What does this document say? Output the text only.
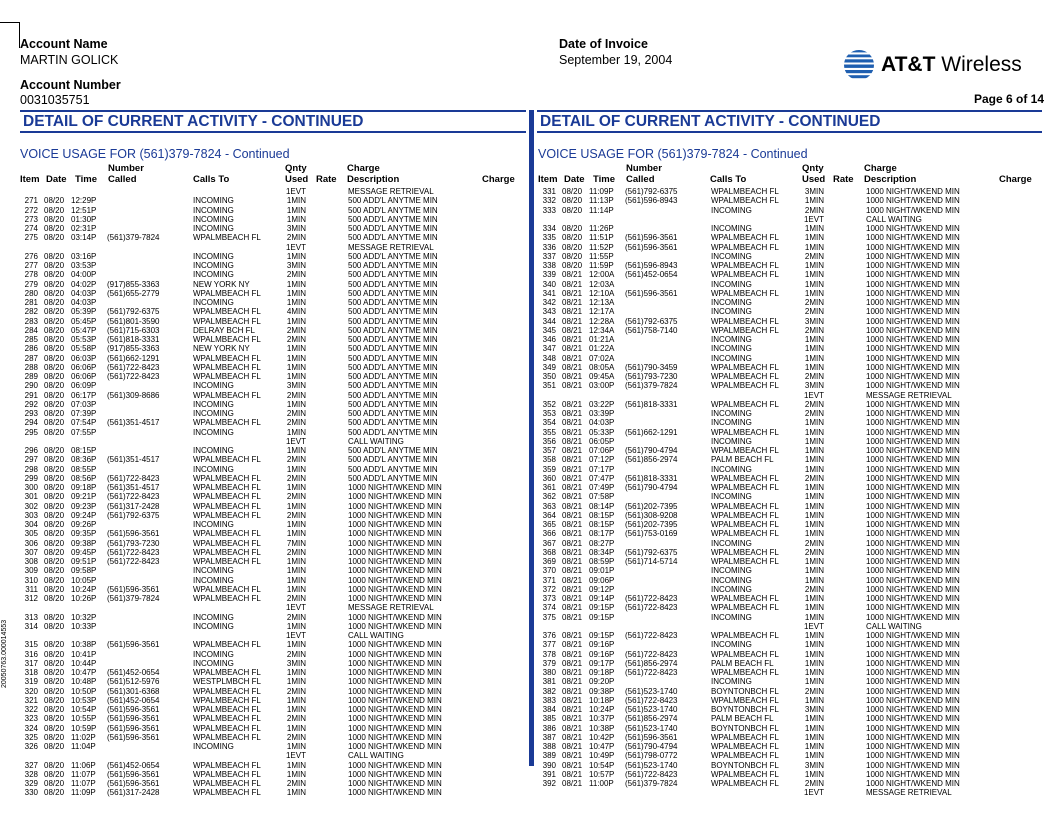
Account Name
MARTIN GOLICK
Account Number
0031035751
Date of Invoice
September 19, 2004	AT&T Wireless
Page 6 of 14
DETAIL OF CURRENT ACTIVITY - CONTINUED	DETAIL OF CURRENT ACTIVITY - CONTINUED
VOICE USAGE FOR (561)379-7824 - Continued	VOICE USAGE FOR (561)379-7824 - Continued
Number	Qnty	Charge
Item Date Time Called	Calls To	Used Rate Description	Charge
1EVT	MESSAGE RETRIEVAL
271 08/20 12:29P	INCOMING	1MIN	500 ADD'L ANYTME MIN
272 08/20 12:51P	INCOMING	1MIN	500 ADD'L ANYTME MIN
273 08/20 01:30P	INCOMING	1MIN	500 ADD'L ANYTME MIN
274 08/20 02:31P	INCOMING	3MIN	500 ADD'L ANYTME MIN
275 08/20 03:14P (561)379-7824	WPALMBEACH FL	2MIN	500 ADD'L ANYTME MIN
1EVT	MESSAGE RETRIEVAL
276 08/20 03:16P	INCOMING	1MIN	500 ADD'L ANYTME MIN
277 08/20 03:53P	INCOMING	3MIN	500 ADD'L ANYTME MIN
278 08/20 04:00P	INCOMING	2MIN	500 ADD'L ANYTME MIN
279 08/20 04:02P (917)855-3363	NEW YORK NY	1MIN	500 ADD'L ANYTME MIN
280 08/20 04:03P (561)655-2779	WPALMBEACH FL	1MIN	500 ADD'L ANYTME MIN
281 08/20 04:03P	INCOMING	1MIN	500 ADD'L ANYTME MIN
282 08/20 05:39P (561)792-6375	WPALMBEACH FL	4MIN	500 ADD'L ANYTME MIN
283 08/20 05:45P (561)801-3590	WPALMBEACH FL	1MIN	500 ADD'L ANYTME MIN
284 08/20 05:47P (561)715-6303	DELRAY BCH FL	2MIN	500 ADD'L ANYTME MIN
285 08/20 05:53P (561)818-3331	WPALMBEACH FL	2MIN	500 ADD'L ANYTME MIN
286 08/20 05:58P (917)855-3363	NEW YORK NY	1MIN	500 ADD'L ANYTME MIN
287 08/20 06:03P (561)662-1291	WPALMBEACH FL	1MIN	500 ADD'L ANYTME MIN
288 08/20 06:06P (561)722-8423	WPALMBEACH FL	1MIN	500 ADD'L ANYTME MIN
289 08/20 06:06P (561)722-8423	WPALMBEACH FL	1MIN	500 ADD'L ANYTME MIN
290 08/20 06:09P	INCOMING	3MIN	500 ADD'L ANYTME MIN
291 08/20 06:17P (561)309-8686	WPALMBEACH FL	2MIN	500 ADD'L ANYTME MIN
292 08/20 07:03P	INCOMING	1MIN	500 ADD'L ANYTME MIN
293 08/20 07:39P	INCOMING	2MIN	500 ADD'L ANYTME MIN
294 08/20 07:54P (561)351-4517	WPALMBEACH FL	2MIN	500 ADD'L ANYTME MIN
295 08/20 07:55P	INCOMING	1MIN	500 ADD'L ANYTME MIN
1EVT	CALL WAITING
296 08/20 08:15P	INCOMING	1MIN	500 ADD'L ANYTME MIN
297 08/20 08:36P (561)351-4517	WPALMBEACH FL	2MIN	500 ADD'L ANYTME MIN
298 08/20 08:55P	INCOMING	1MIN	500 ADD'L ANYTME MIN
299 08/20 08:56P (561)722-8423	WPALMBEACH FL	2MIN	500 ADD'L ANYTME MIN
300 08/20 09:18P (561)351-4517	WPALMBEACH FL	1MIN	1000 NIGHT/WKEND MIN
301 08/20 09:21P (561)722-8423	WPALMBEACH FL	2MIN	1000 NIGHT/WKEND MIN
302 08/20 09:23P (561)317-2428	WPALMBEACH FL	1MIN	1000 NIGHT/WKEND MIN
303 08/20 09:24P (561)792-6375	WPALMBEACH FL	2MIN	1000 NIGHT/WKEND MIN
304 08/20 09:26P	INCOMING	1MIN	1000 NIGHT/WKEND MIN
305 08/20 09:35P (561)596-3561	WPALMBEACH FL	1MIN	1000 NIGHT/WKEND MIN
306 08/20 09:38P (561)793-7230	WPALMBEACH FL	7MIN	1000 NIGHT/WKEND MIN
307 08/20 09:45P (561)722-8423	WPALMBEACH FL	2MIN	1000 NIGHT/WKEND MIN
308 08/20 09:51P (561)722-8423	WPALMBEACH FL	1MIN	1000 NIGHT/WKEND MIN
309 08/20 09:58P	INCOMING	1MIN	1000 NIGHT/WKEND MIN
310 08/20 10:05P	INCOMING	1MIN	1000 NIGHT/WKEND MIN
311 08/20 10:24P (561)596-3561	WPALMBEACH FL	1MIN	1000 NIGHT/WKEND MIN
312 08/20 10:26P (561)379-7824	WPALMBEACH FL	2MIN	1000 NIGHT/WKEND MIN
1EVT	MESSAGE RETRIEVAL
313 08/20 10:32P	INCOMING	2MIN	1000 NIGHT/WKEND MIN
314 08/20 10:33P	INCOMING	1MIN	1000 NIGHT/WKEND MIN
1EVT	CALL WAITING
315 08/20 10:38P (561)596-3561	WPALMBEACH FL	1MIN	1000 NIGHT/WKEND MIN
316 08/20 10:41P	INCOMING	2MIN	1000 NIGHT/WKEND MIN
317 08/20 10:44P	INCOMING	3MIN	1000 NIGHT/WKEND MIN
318 08/20 10:47P (561)452-0654	WPALMBEACH FL	1MIN	1000 NIGHT/WKEND MIN
319 08/20 10:48P (561)512-5976	WESTPLMBCH FL	1MIN	1000 NIGHT/WKEND MIN
320 08/20 10:50P (561)301-6368	WPALMBEACH FL	2MIN	1000 NIGHT/WKEND MIN
321 08/20 10:53P (561)452-0654	WPALMBEACH FL	1MIN	1000 NIGHT/WKEND MIN
322 08/20 10:54P (561)596-3561	WPALMBEACH FL	1MIN	1000 NIGHT/WKEND MIN
323 08/20 10:55P (561)596-3561	WPALMBEACH FL	2MIN	1000 NIGHT/WKEND MIN
324 08/20 10:59P (561)596-3561	WPALMBEACH FL	1MIN	1000 NIGHT/WKEND MIN
325 08/20 11:02P (561)596-3561	WPALMBEACH FL	2MIN	1000 NIGHT/WKEND MIN
326 08/20 11:04P	INCOMING	1MIN	1000 NIGHT/WKEND MIN
1EVT	CALL WAITING
327 08/20 11:06P (561)452-0654	WPALMBEACH FL	1MIN	1000 NIGHT/WKEND MIN
328 08/20 11:07P (561)596-3561	WPALMBEACH FL	1MIN	1000 NIGHT/WKEND MIN
329 08/20 11:07P (561)596-3561	WPALMBEACH FL	2MIN	1000 NIGHT/WKEND MIN
330 08/20 11:09P (561)317-2428	WPALMBEACH FL	1MIN	1000 NIGHT/WKEND MIN
Number	Qnty	Charge
Item Date Time Called	Calls To	Used Rate Description	Charge
331 08/20 11:09P (561)792-6375	WPALMBEACH FL	3MIN	1000 NIGHT/WKEND MIN
332 08/20 11:13P (561)596-8943	WPALMBEACH FL	1MIN	1000 NIGHT/WKEND MIN
333 08/20 11:14P	INCOMING	2MIN	1000 NIGHT/WKEND MIN
1EVT	CALL WAITING
334 08/20 11:26P	INCOMING	1MIN	1000 NIGHT/WKEND MIN
335 08/20 11:51P (561)596-3561	WPALMBEACH FL	1MIN	1000 NIGHT/WKEND MIN
336 08/20 11:52P (561)596-3561	WPALMBEACH FL	1MIN	1000 NIGHT/WKEND MIN
337 08/20 11:55P	INCOMING	2MIN	1000 NIGHT/WKEND MIN
338 08/20 11:59P (561)596-8943	WPALMBEACH FL	1MIN	1000 NIGHT/WKEND MIN
339 08/21 12:00A (561)452-0654	WPALMBEACH FL	1MIN	1000 NIGHT/WKEND MIN
340 08/21 12:03A	INCOMING	1MIN	1000 NIGHT/WKEND MIN
341 08/21 12:10A (561)596-3561	WPALMBEACH FL	1MIN	1000 NIGHT/WKEND MIN
342 08/21 12:13A	INCOMING	2MIN	1000 NIGHT/WKEND MIN
343 08/21 12:17A	INCOMING	2MIN	1000 NIGHT/WKEND MIN
344 08/21 12:28A (561)792-6375	WPALMBEACH FL	3MIN	1000 NIGHT/WKEND MIN
345 08/21 12:34A (561)758-7140	WPALMBEACH FL	2MIN	1000 NIGHT/WKEND MIN
346 08/21 01:21A	INCOMING	1MIN	1000 NIGHT/WKEND MIN
347 08/21 01:22A	INCOMING	1MIN	1000 NIGHT/WKEND MIN
348 08/21 07:02A	INCOMING	1MIN	1000 NIGHT/WKEND MIN
349 08/21 08:05A (561)790-3459	WPALMBEACH FL	1MIN	1000 NIGHT/WKEND MIN
350 08/21 09:45A (561)793-7230	WPALMBEACH FL	2MIN	1000 NIGHT/WKEND MIN
351 08/21 03:00P (561)379-7824	WPALMBEACH FL	3MIN	1000 NIGHT/WKEND MIN
1EVT	MESSAGE RETRIEVAL
352 08/21 03:22P (561)818-3331	WPALMBEACH FL	2MIN	1000 NIGHT/WKEND MIN
353 08/21 03:39P	INCOMING	2MIN	1000 NIGHT/WKEND MIN
354 08/21 04:03P	INCOMING	1MIN	1000 NIGHT/WKEND MIN
355 08/21 05:33P (561)662-1291	WPALMBEACH FL	1MIN	1000 NIGHT/WKEND MIN
356 08/21 06:05P	INCOMING	1MIN	1000 NIGHT/WKEND MIN
357 08/21 07:06P (561)790-4794	WPALMBEACH FL	1MIN	1000 NIGHT/WKEND MIN
358 08/21 07:12P (561)856-2974	PALM BEACH FL	1MIN	1000 NIGHT/WKEND MIN
359 08/21 07:17P	INCOMING	1MIN	1000 NIGHT/WKEND MIN
360 08/21 07:47P (561)818-3331	WPALMBEACH FL	2MIN	1000 NIGHT/WKEND MIN
361 08/21 07:49P (561)790-4794	WPALMBEACH FL	1MIN	1000 NIGHT/WKEND MIN
362 08/21 07:58P	INCOMING	1MIN	1000 NIGHT/WKEND MIN
363 08/21 08:14P (561)202-7395	WPALMBEACH FL	1MIN	1000 NIGHT/WKEND MIN
364 08/21 08:15P (561)308-9208	WPALMBEACH FL	1MIN	1000 NIGHT/WKEND MIN
365 08/21 08:15P (561)202-7395	WPALMBEACH FL	1MIN	1000 NIGHT/WKEND MIN
366 08/21 08:17P (561)753-0169	WPALMBEACH FL	1MIN	1000 NIGHT/WKEND MIN
367 08/21 08:27P	INCOMING	2MIN	1000 NIGHT/WKEND MIN
368 08/21 08:34P (561)792-6375	WPALMBEACH FL	2MIN	1000 NIGHT/WKEND MIN
369 08/21 08:59P (561)714-5714	WPALMBEACH FL	1MIN	1000 NIGHT/WKEND MIN
370 08/21 09:01P	INCOMING	1MIN	1000 NIGHT/WKEND MIN
371 08/21 09:06P	INCOMING	1MIN	1000 NIGHT/WKEND MIN
372 08/21 09:12P	INCOMING	2MIN	1000 NIGHT/WKEND MIN
373 08/21 09:14P (561)722-8423	WPALMBEACH FL	1MIN	1000 NIGHT/WKEND MIN
374 08/21 09:15P (561)722-8423	WPALMBEACH FL	1MIN	1000 NIGHT/WKEND MIN
375 08/21 09:15P	INCOMING	1MIN	1000 NIGHT/WKEND MIN
1EVT	CALL WAITING
376 08/21 09:15P (561)722-8423	WPALMBEACH FL	1MIN	1000 NIGHT/WKEND MIN
377 08/21 09:16P	INCOMING	1MIN	1000 NIGHT/WKEND MIN
378 08/21 09:16P (561)722-8423	WPALMBEACH FL	1MIN	1000 NIGHT/WKEND MIN
379 08/21 09:17P (561)856-2974	PALM BEACH FL	1MIN	1000 NIGHT/WKEND MIN
380 08/21 09:18P (561)722-8423	WPALMBEACH FL	1MIN	1000 NIGHT/WKEND MIN
381 08/21 09:20P	INCOMING	1MIN	1000 NIGHT/WKEND MIN
382 08/21 09:38P (561)523-1740	BOYNTONBCH FL	2MIN	1000 NIGHT/WKEND MIN
383 08/21 10:18P (561)722-8423	WPALMBEACH FL	1MIN	1000 NIGHT/WKEND MIN
384 08/21 10:24P (561)523-1740	BOYNTONBCH FL	3MIN	1000 NIGHT/WKEND MIN
385 08/21 10:37P (561)856-2974	PALM BEACH FL	1MIN	1000 NIGHT/WKEND MIN
386 08/21 10:38P (561)523-1740	BOYNTONBCH FL	1MIN	1000 NIGHT/WKEND MIN
387 08/21 10:42P (561)596-3561	WPALMBEACH FL	1MIN	1000 NIGHT/WKEND MIN
388 08/21 10:47P (561)790-4794	WPALMBEACH FL	1MIN	1000 NIGHT/WKEND MIN
389 08/21 10:49P (561)798-0772	WPALMBEACH FL	1MIN	1000 NIGHT/WKEND MIN
390 08/21 10:54P (561)523-1740	BOYNTONBCH FL	3MIN	1000 NIGHT/WKEND MIN
391 08/21 10:57P (561)722-8423	WPALMBEACH FL	1MIN	1000 NIGHT/WKEND MIN
392 08/21 11:00P (561)379-7824	WPALMBEACH FL	2MIN	1000 NIGHT/WKEND MIN
1EVT	MESSAGE RETRIEVAL
20050763.000014553
